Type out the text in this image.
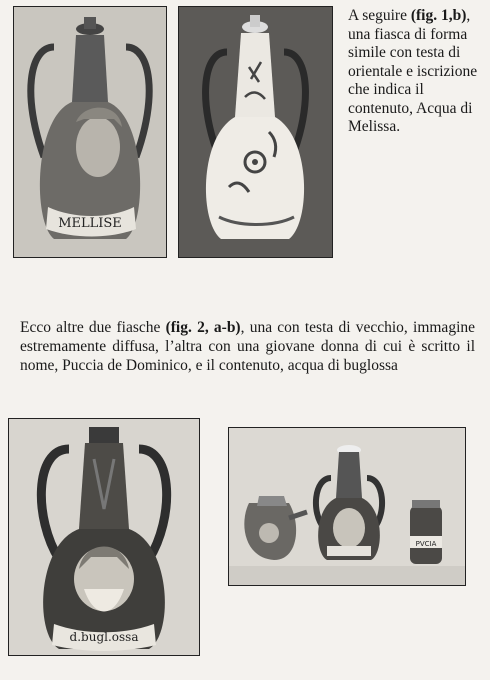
MELLISE
A seguire (fig. 1,b), una fiasca di forma simile con testa di orientale e iscrizione che indica il contenuto, Acqua di Melissa.
Ecco altre due fiasche (fig. 2, a-b), una con testa di vecchio, immagine estremamente diffusa, l’altra con una giovane donna di cui è scritto il nome, Puccia de Dominico, e il contenuto, acqua di buglossa
d.bugl.ossa
PVCIA
